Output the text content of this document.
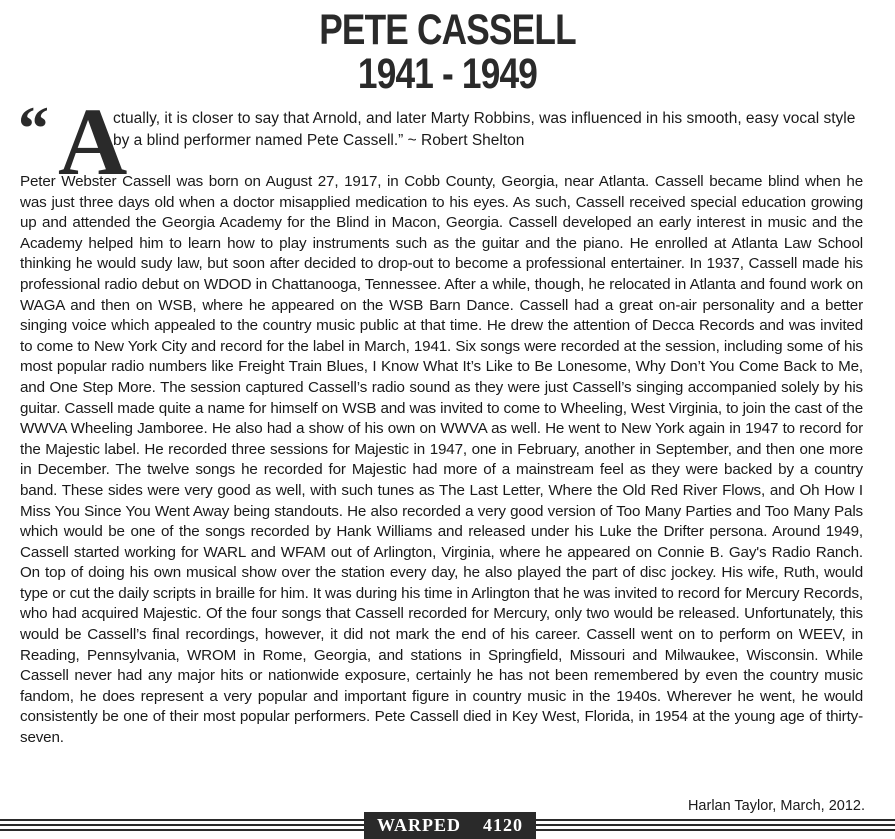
PETE CASSELL
1941 - 1949
“ A
ctually, it is closer to say that Arnold, and later Marty Robbins, was influenced in his smooth, easy vocal style by a blind performer named Pete Cassell.” ~ Robert Shelton
Peter Webster Cassell was born on August 27, 1917, in Cobb County, Georgia, near Atlanta. Cassell became blind when he was just three days old when a doctor misapplied medication to his eyes. As such, Cassell received special education growing up and attended the Georgia Academy for the Blind in Macon, Georgia. Cassell developed an early interest in music and the Academy helped him to learn how to play instruments such as the guitar and the piano. He enrolled at Atlanta Law School thinking he would sudy law, but soon after decided to drop-out to become a professional entertainer. In 1937, Cassell made his professional radio debut on WDOD in Chattanooga, Tennessee. After a while, though, he relocated in Atlanta and found work on WAGA and then on WSB, where he appeared on the WSB Barn Dance. Cassell had a great on-air personality and a better singing voice which appealed to the country music public at that time. He drew the attention of Decca Records and was invited to come to New York City and record for the label in March, 1941. Six songs were recorded at the session, including some of his most popular radio numbers like Freight Train Blues, I Know What It’s Like to Be Lonesome, Why Don’t You Come Back to Me, and One Step More. The session captured Cassell’s radio sound as they were just Cassell’s singing accompanied solely by his guitar. Cassell made quite a name for himself on WSB and was invited to come to Wheeling, West Virginia, to join the cast of the WWVA Wheeling Jamboree. He also had a show of his own on WWVA as well. He went to New York again in 1947 to record for the Majestic label. He recorded three sessions for Majestic in 1947, one in February, another in September, and then one more in December. The twelve songs he recorded for Majestic had more of a mainstream feel as they were backed by a country band. These sides were very good as well, with such tunes as The Last Letter, Where the Old Red River Flows, and Oh How I Miss You Since You Went Away being standouts. He also recorded a very good version of Too Many Parties and Too Many Pals which would be one of the songs recorded by Hank Williams and released under his Luke the Drifter persona. Around 1949, Cassell started working for WARL and WFAM out of Arlington, Virginia, where he appeared on Connie B. Gay's Radio Ranch. On top of doing his own musical show over the station every day, he also played the part of disc jockey. His wife, Ruth, would type or cut the daily scripts in braille for him. It was during his time in Arlington that he was invited to record for Mercury Records, who had acquired Majestic. Of the four songs that Cassell recorded for Mercury, only two would be released. Unfortunately, this would be Cassell’s final recordings, however, it did not mark the end of his career. Cassell went on to perform on WEEV, in Reading, Pennsylvania, WROM in Rome, Georgia, and stations in Springfield, Missouri and Milwaukee, Wisconsin. While Cassell never had any major hits or nationwide exposure, certainly he has not been remembered by even the country music fandom, he does represent a very popular and important figure in country music in the 1940s. Wherever he went, he would consistently be one of their most popular performers. Pete Cassell died in Key West, Florida, in 1954 at the young age of thirty-seven.
Harlan Taylor, March, 2012.
WARPED 4120
